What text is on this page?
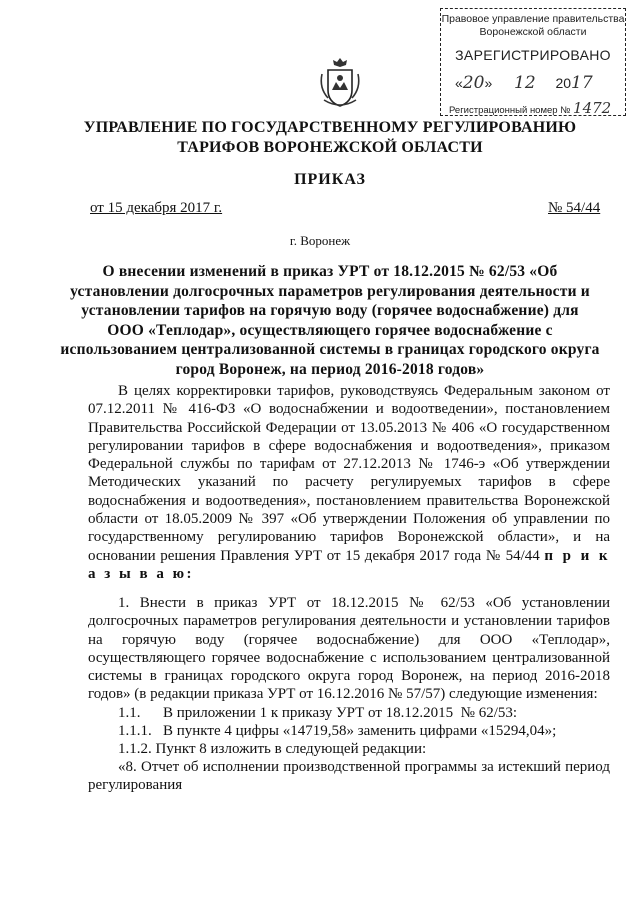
Правовое управление правительства
Воронежской области
ЗАРЕГИСТРИРОВАНО
«20»  12 2017
Регистрационный номер № 1472
УПРАВЛЕНИЕ ПО ГОСУДАРСТВЕННОМУ РЕГУЛИРОВАНИЮ
ТАРИФОВ ВОРОНЕЖСКОЙ ОБЛАСТИ
ПРИКАЗ
от 15 декабря 2017 г.	№ 54/44
г. Воронеж
О внесении изменений в приказ УРТ от 18.12.2015 № 62/53 «Об
установлении долгосрочных параметров регулирования деятельности и
установлении тарифов на горячую воду (горячее водоснабжение) для
ООО «Теплодар», осуществляющего горячее водоснабжение с
использованием централизованной системы в границах городского округа
город Воронеж, на период 2016-2018 годов»
В целях корректировки тарифов, руководствуясь Федеральным законом от 07.12.2011 № 416-ФЗ «О водоснабжении и водоотведении», постановлением Правительства Российской Федерации от 13.05.2013 № 406 «О государственном регулировании тарифов в сфере водоснабжения и водоотведения», приказом Федеральной службы по тарифам от 27.12.2013 № 1746-э «Об утверждении Методических указаний по расчету регулируемых тарифов в сфере водоснабжения и водоотведения», постановлением правительства Воронежской области от 18.05.2009 № 397 «Об утверждении Положения об управлении по государственному регулированию тарифов Воронежской области», и на основании решения Правления УРТ от 15 декабря 2017 года № 54/44 п р и к а з ы в а ю:
1. Внести в приказ УРТ от 18.12.2015 № 62/53 «Об установлении долгосрочных параметров регулирования деятельности и установлении тарифов на горячую воду (горячее водоснабжение) для ООО «Теплодар», осуществляющего горячее водоснабжение с использованием централизованной системы в границах городского округа город Воронеж, на период 2016-2018 годов» (в редакции приказа УРТ от 16.12.2016 № 57/57) следующие изменения:
1.1.      В приложении 1 к приказу УРТ от 18.12.2015  № 62/53:
1.1.1.   В пункте 4 цифры «14719,58» заменить цифрами «15294,04»;
1.1.2. Пункт 8 изложить в следующей редакции:
«8. Отчет об исполнении производственной программы за истекший период регулирования
